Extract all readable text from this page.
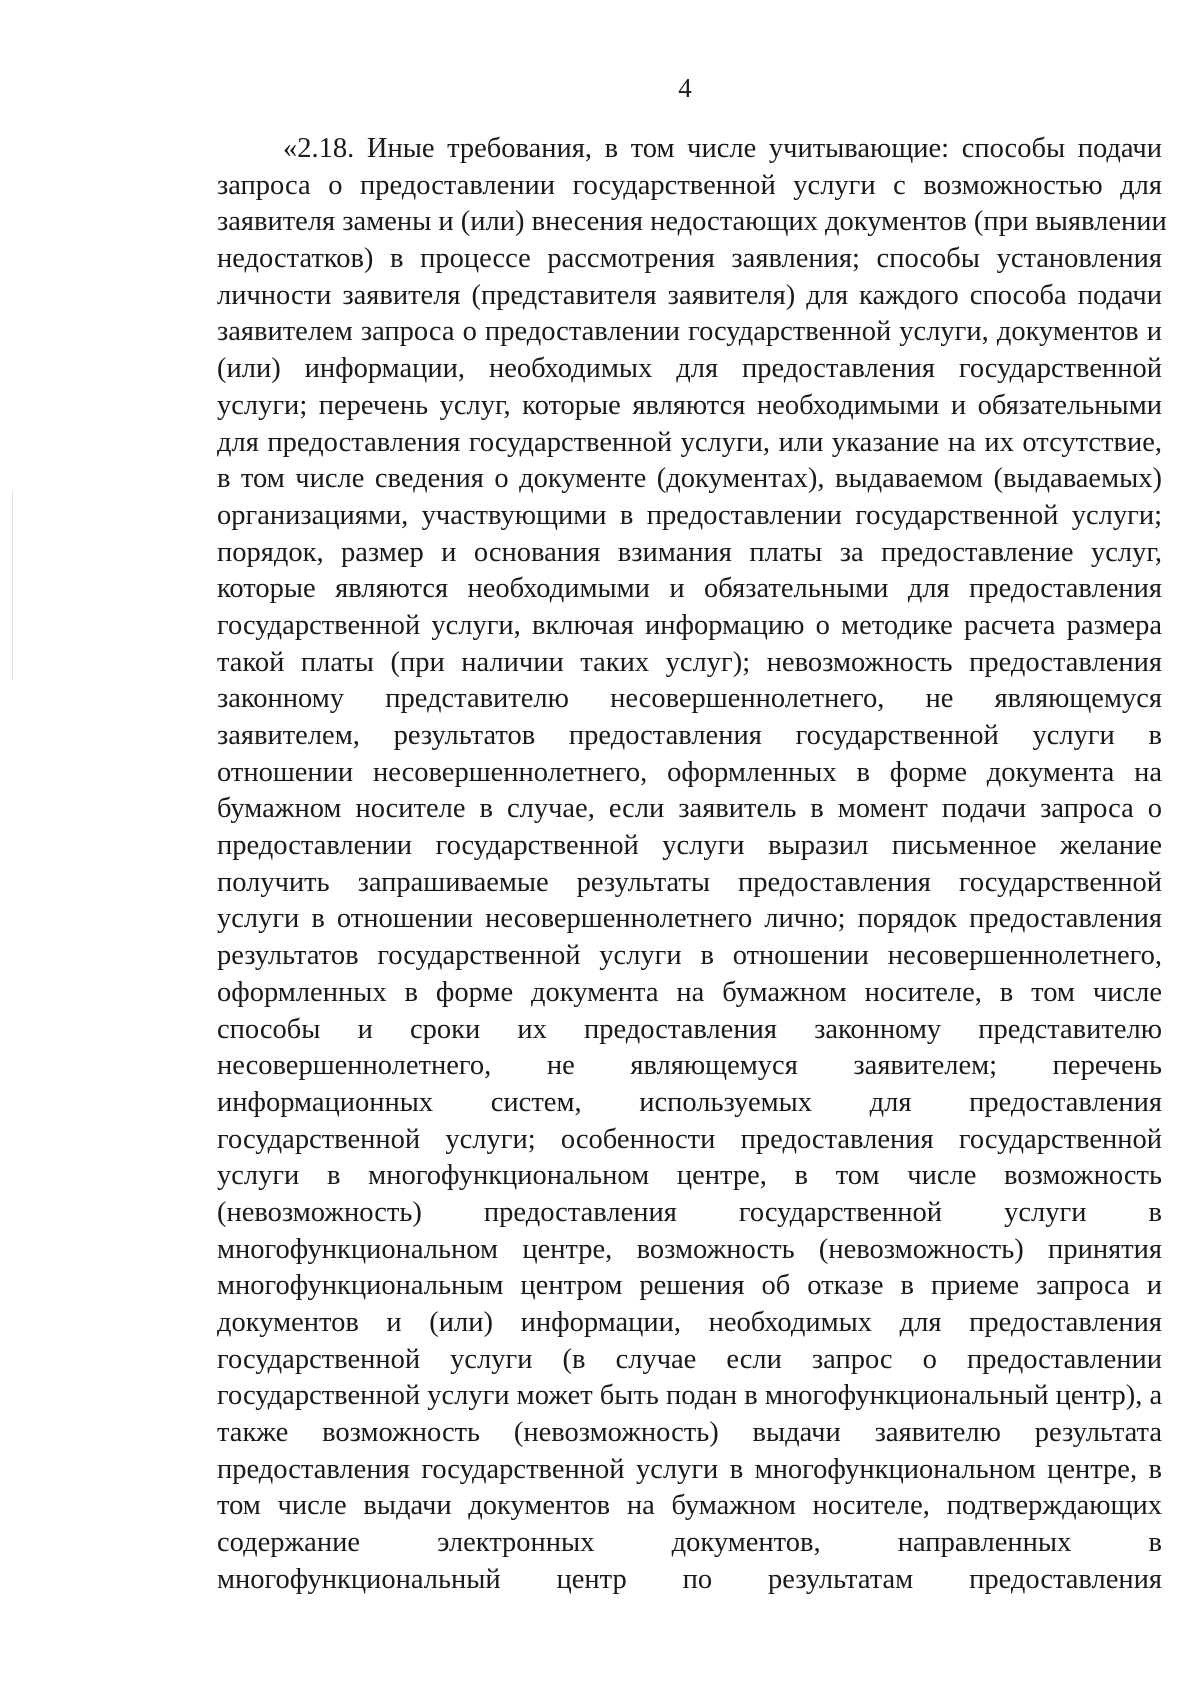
4
«2.18. Иные требования, в том числе учитывающие: способы подачи
запроса о предоставлении государственной услуги с возможностью для
заявителя замены и (или) внесения недостающих документов (при выявлении
недостатков) в процессе рассмотрения заявления; способы установления
личности заявителя (представителя заявителя) для каждого способа подачи
заявителем запроса о предоставлении государственной услуги, документов и
(или) информации, необходимых для предоставления государственной
услуги; перечень услуг, которые являются необходимыми и обязательными
для предоставления государственной услуги, или указание на их отсутствие,
в том числе сведения о документе (документах), выдаваемом (выдаваемых)
организациями, участвующими в предоставлении государственной услуги;
порядок, размер и основания взимания платы за предоставление услуг,
которые являются необходимыми и обязательными для предоставления
государственной услуги, включая информацию о методике расчета размера
такой платы (при наличии таких услуг); невозможность предоставления
законному представителю несовершеннолетнего, не являющемуся
заявителем, результатов предоставления государственной услуги в
отношении несовершеннолетнего, оформленных в форме документа на
бумажном носителе в случае, если заявитель в момент подачи запроса о
предоставлении государственной услуги выразил письменное желание
получить запрашиваемые результаты предоставления государственной
услуги в отношении несовершеннолетнего лично; порядок предоставления
результатов государственной услуги в отношении несовершеннолетнего,
оформленных в форме документа на бумажном носителе, в том числе
способы и сроки их предоставления законному представителю
несовершеннолетнего, не являющемуся заявителем; перечень
информационных систем, используемых для предоставления
государственной услуги; особенности предоставления государственной
услуги в многофункциональном центре, в том числе возможность
(невозможность) предоставления государственной услуги в
многофункциональном центре, возможность (невозможность) принятия
многофункциональным центром решения об отказе в приеме запроса и
документов и (или) информации, необходимых для предоставления
государственной услуги (в случае если запрос о предоставлении
государственной услуги может быть подан в многофункциональный центр), а
также возможность (невозможность) выдачи заявителю результата
предоставления государственной услуги в многофункциональном центре, в
том числе выдачи документов на бумажном носителе, подтверждающих
содержание электронных документов, направленных в
многофункциональный центр по результатам предоставления
